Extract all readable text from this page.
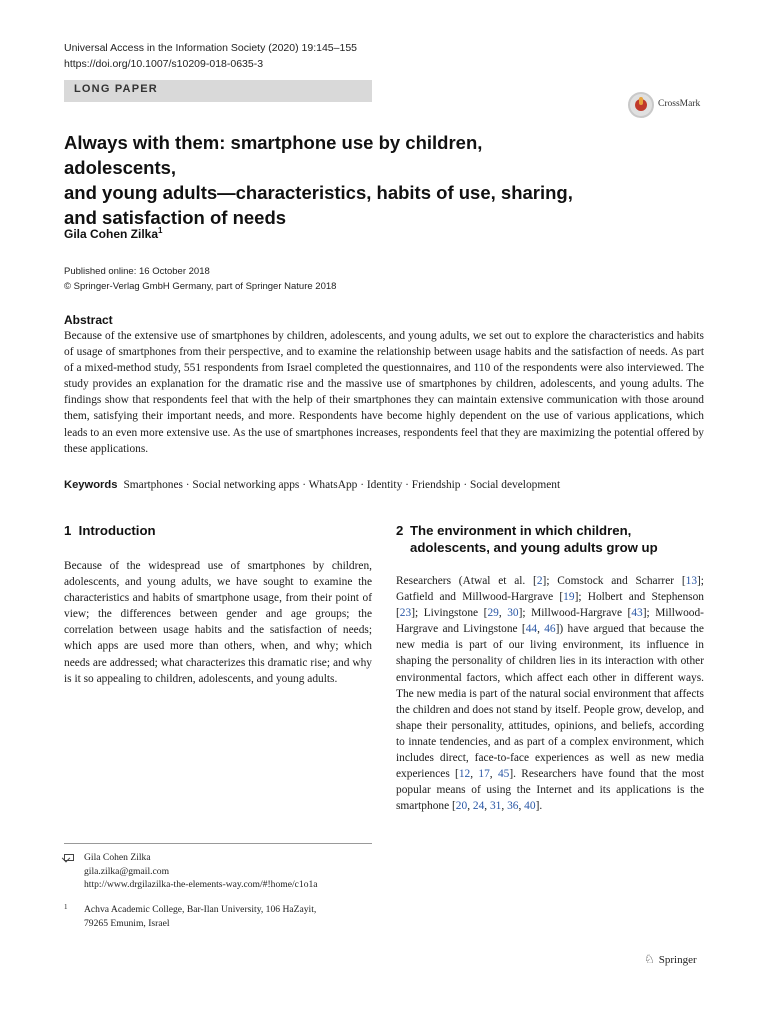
Universal Access in the Information Society (2020) 19:145–155
https://doi.org/10.1007/s10209-018-0635-3
LONG PAPER
CrossMark
Always with them: smartphone use by children, adolescents,
and young adults—characteristics, habits of use, sharing,
and satisfaction of needs
Gila Cohen Zilka$^1$
Published online: 16 October 2018
© Springer-Verlag GmbH Germany, part of Springer Nature 2018
Abstract

Because of the extensive use of smartphones by children, adolescents, and young adults, we set out to explore the characteristics and habits of usage of smartphones from their perspective, and to examine the relationship between usage habits and the satisfaction of needs. As part of a mixed-method study, 551 respondents from Israel completed the questionnaires, and 110 of the respondents were also interviewed. The study provides an explanation for the dramatic rise and the massive use of smartphones by children, adolescents, and young adults. The findings show that respondents feel that with the help of their smartphones they can maintain extensive communication with those around them, satisfying their important needs, and more. Respondents have become highly dependent on the use of various applications, which leads to an even more extensive use. As the use of smartphones increases, respondents feel that they are maximizing the potential offered by these applications.

Keywords Smartphones · Social networking apps · WhatsApp · Identity · Friendship · Social development
1 Introduction

Because of the widespread use of smartphones by children, adolescents, and young adults, we have sought to examine the characteristics and habits of smartphone usage, from their point of view; the differences between gender and age groups; the correlation between usage habits and the satisfaction of needs; which apps are used more than others, when, and why; which needs are addressed; what characterizes this dramatic rise; and why is it so appealing to children, adolescents, and young adults.

2 The environment in which children, adolescents, and young adults grow up

Researchers (Atwal et al. [2]; Comstock and Scharrer [13]; Gatfield and Millwood-Hargrave [19]; Holbert and Stephenson [23]; Livingstone [29, 30]; Millwood-Hargrave [43]; Millwood-Hargrave and Livingstone [44, 46]) have argued that because the new media is part of our living environment, its influence in shaping the personality of children lies in its interaction with other environmental factors, which affect each other in different ways. The new media is part of the natural social environment that affects the children and does not stand by itself. People grow, develop, and shape their personality, attitudes, opinions, and beliefs, according to innate tendencies, and as part of a complex environment, which includes direct, face-to-face experiences as well as new media experiences [12, 17, 45]. Researchers have found that the most popular means of using the Internet and its applications is the smartphone [20, 24, 31, 36, 40].

Gila Cohen Zilka
gila.zilka@gmail.com
http://www.drgilazilka-the-elements-way.com/#!home/c1o1a
1 Achva Academic College, Bar-Ilan University, 106 HaZayit,
79265 Emunim, Israel
♘ Springer
